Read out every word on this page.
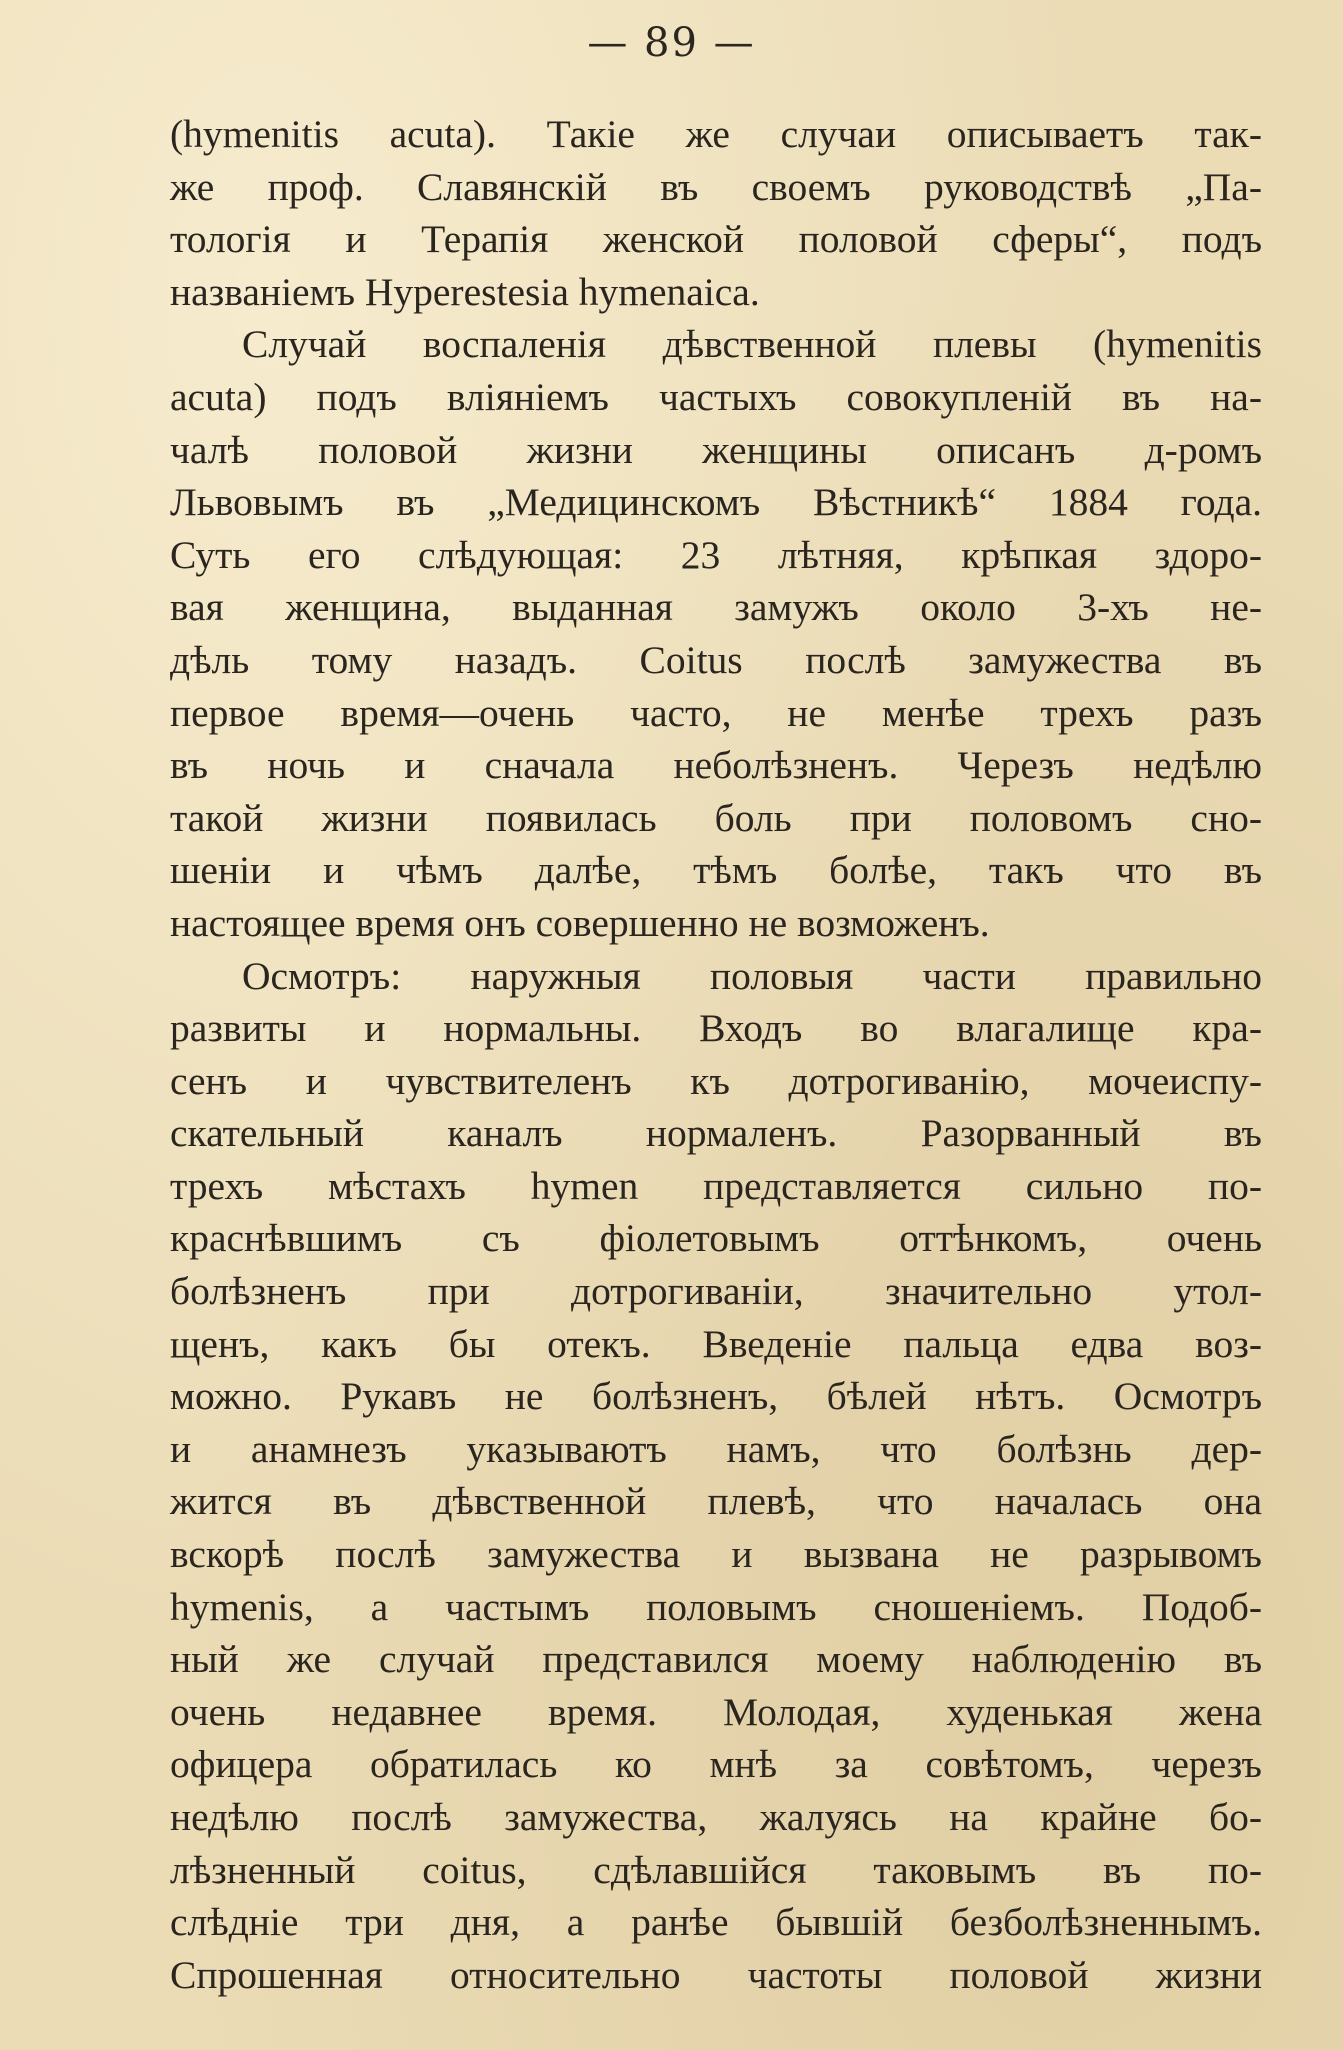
— 89 —
(hymenitis acuta). Такiе же случаи описываетъ так-
же проф. Славянскiй въ своемъ руководствѣ „Па-
тологiя и Терапiя женской половой сферы“, подъ
названiемъ Hyperestesia hymenaica.
Случай воспаленiя дѣвственной плевы (hymenitis
acuta) подъ влiянiемъ частыхъ совокупленiй въ на-
чалѣ половой жизни женщины описанъ д-ромъ
Львовымъ въ „Медицинскомъ Вѣстникѣ“ 1884 года.
Суть его слѣдующая: 23 лѣтняя, крѣпкая здоро-
вая женщина, выданная замужъ около 3-хъ не-
дѣль тому назадъ. Coitus послѣ замужества въ
первое время—очень часто, не менѣе трехъ разъ
въ ночь и сначала неболѣзненъ. Черезъ недѣлю
такой жизни появилась боль при половомъ сно-
шенiи и чѣмъ далѣе, тѣмъ болѣе, такъ что въ
настоящее время онъ совершенно не возможенъ.
Осмотръ: наружныя половыя части правильно
развиты и нормальны. Входъ во влагалище кра-
сенъ и чувствителенъ къ дотрогиванiю, мочеиспу-
скательный каналъ нормаленъ. Разорванный въ
трехъ мѣстахъ hymen представляется сильно по-
краснѣвшимъ съ фiолетовымъ оттѣнкомъ, очень
болѣзненъ при дотрогиванiи, значительно утол-
щенъ, какъ бы отекъ. Введенiе пальца едва воз-
можно. Рукавъ не болѣзненъ, бѣлей нѣтъ. Осмотръ
и анамнезъ указываютъ намъ, что болѣзнь дер-
жится въ дѣвственной плевѣ, что началась она
вскорѣ послѣ замужества и вызвана не разрывомъ
hymenis, а частымъ половымъ сношенiемъ. Подоб-
ный же случай представился моему наблюденiю въ
очень недавнее время. Молодая, худенькая жена
офицера обратилась ко мнѣ за совѣтомъ, черезъ
недѣлю послѣ замужества, жалуясь на крайне бо-
лѣзненный coitus, сдѣлавшiйся таковымъ въ по-
слѣднiе три дня, а ранѣе бывшiй безболѣзненнымъ.
Спрошенная относительно частоты половой жизни
